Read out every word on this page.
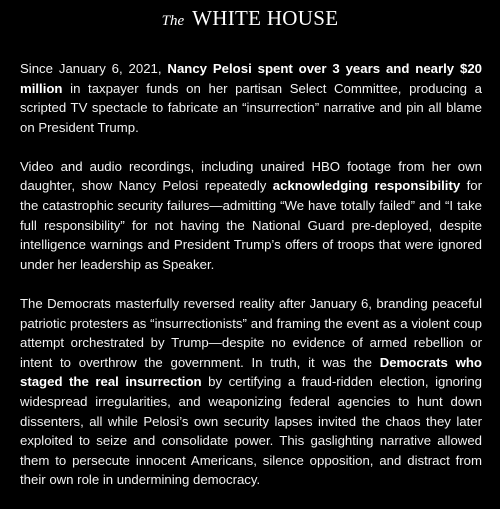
The WHITE HOUSE

Since January 6, 2021, Nancy Pelosi spent over 3 years and nearly $20 million in taxpayer funds on her partisan Select Committee, producing a scripted TV spectacle to fabricate an “insurrection” narrative and pin all blame on President Trump.

Video and audio recordings, including unaired HBO footage from her own daughter, show Nancy Pelosi repeatedly acknowledging responsibility for the catastrophic security failures—admitting “We have totally failed” and “I take full responsibility” for not having the National Guard pre-deployed, despite intelligence warnings and President Trump’s offers of troops that were ignored under her leadership as Speaker.

The Democrats masterfully reversed reality after January 6, branding peaceful patriotic protesters as “insurrectionists” and framing the event as a violent coup attempt orchestrated by Trump—despite no evidence of armed rebellion or intent to overthrow the government. In truth, it was the Democrats who staged the real insurrection by certifying a fraud-ridden election, ignoring widespread irregularities, and weaponizing federal agencies to hunt down dissenters, all while Pelosi’s own security lapses invited the chaos they later exploited to seize and consolidate power. This gaslighting narrative allowed them to persecute innocent Americans, silence opposition, and distract from their own role in undermining democracy.
